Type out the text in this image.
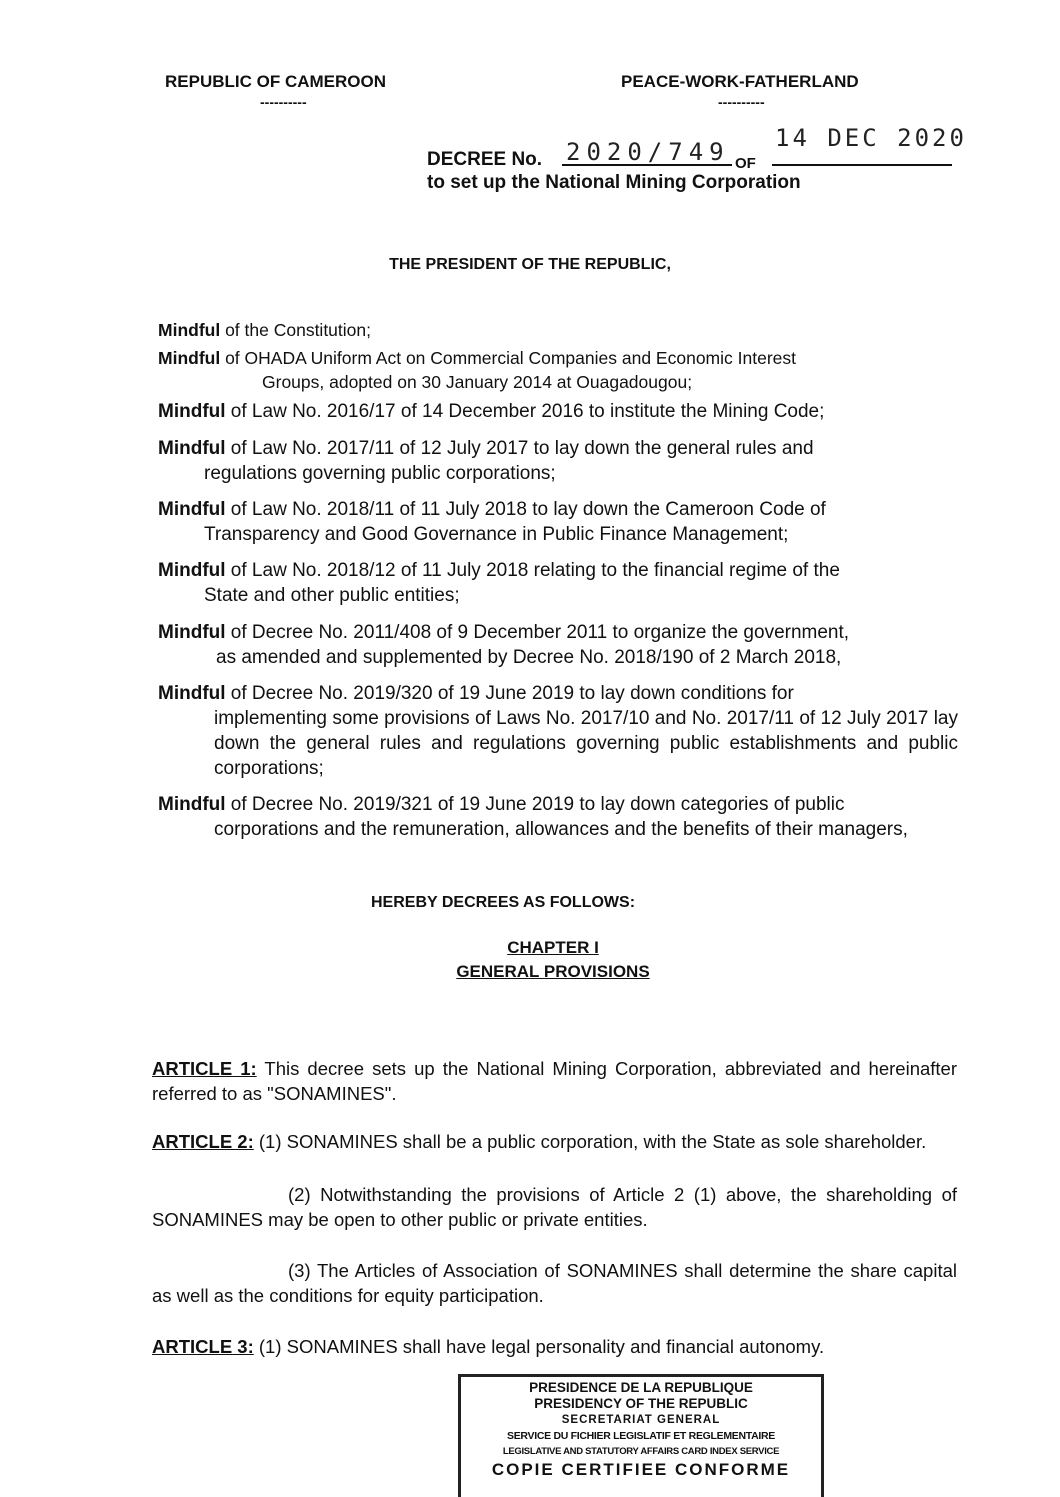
REPUBLIC OF CAMEROON
----------
PEACE-WORK-FATHERLAND
----------
DECREE No. 2020/749 OF
14 DEC 2020
to set up the National Mining Corporation
THE PRESIDENT OF THE REPUBLIC,
Mindful of the Constitution;
Mindful of OHADA Uniform Act on Commercial Companies and Economic Interest
Groups, adopted on 30 January 2014 at Ouagadougou;
Mindful of Law No. 2016/17 of 14 December 2016 to institute the Mining Code;
Mindful of Law No. 2017/11 of 12 July 2017 to lay down the general rules and
regulations governing public corporations;
Mindful of Law No. 2018/11 of 11 July 2018 to lay down the Cameroon Code of
Transparency and Good Governance in Public Finance Management;
Mindful of Law No. 2018/12 of 11 July 2018 relating to the financial regime of the
State and other public entities;
Mindful of Decree No. 2011/408 of 9 December 2011 to organize the government,
as amended and supplemented by Decree No. 2018/190 of 2 March 2018,
Mindful of Decree No. 2019/320 of 19 June 2019 to lay down conditions for
implementing some provisions of Laws No. 2017/10 and No. 2017/11 of 12 July 2017 lay down the general rules and regulations governing public establishments and public corporations;
Mindful of Decree No. 2019/321 of 19 June 2019 to lay down categories of public
corporations and the remuneration, allowances and the benefits of their managers,
HEREBY DECREES AS FOLLOWS:
CHAPTER I
GENERAL PROVISIONS
ARTICLE 1: This decree sets up the National Mining Corporation, abbreviated and hereinafter referred to as "SONAMINES".
ARTICLE 2: (1) SONAMINES shall be a public corporation, with the State as sole shareholder.
(2) Notwithstanding the provisions of Article 2 (1) above, the shareholding of SONAMINES may be open to other public or private entities.
(3) The Articles of Association of SONAMINES shall determine the share capital as well as the conditions for equity participation.
ARTICLE 3: (1) SONAMINES shall have legal personality and financial autonomy.
PRESIDENCE DE LA REPUBLIQUE
PRESIDENCY OF THE REPUBLIC
SECRETARIAT GENERAL
SERVICE DU FICHIER LEGISLATIF ET REGLEMENTAIRE
LEGISLATIVE AND STATUTORY AFFAIRS CARD INDEX SERVICE
COPIE CERTIFIEE CONFORME
